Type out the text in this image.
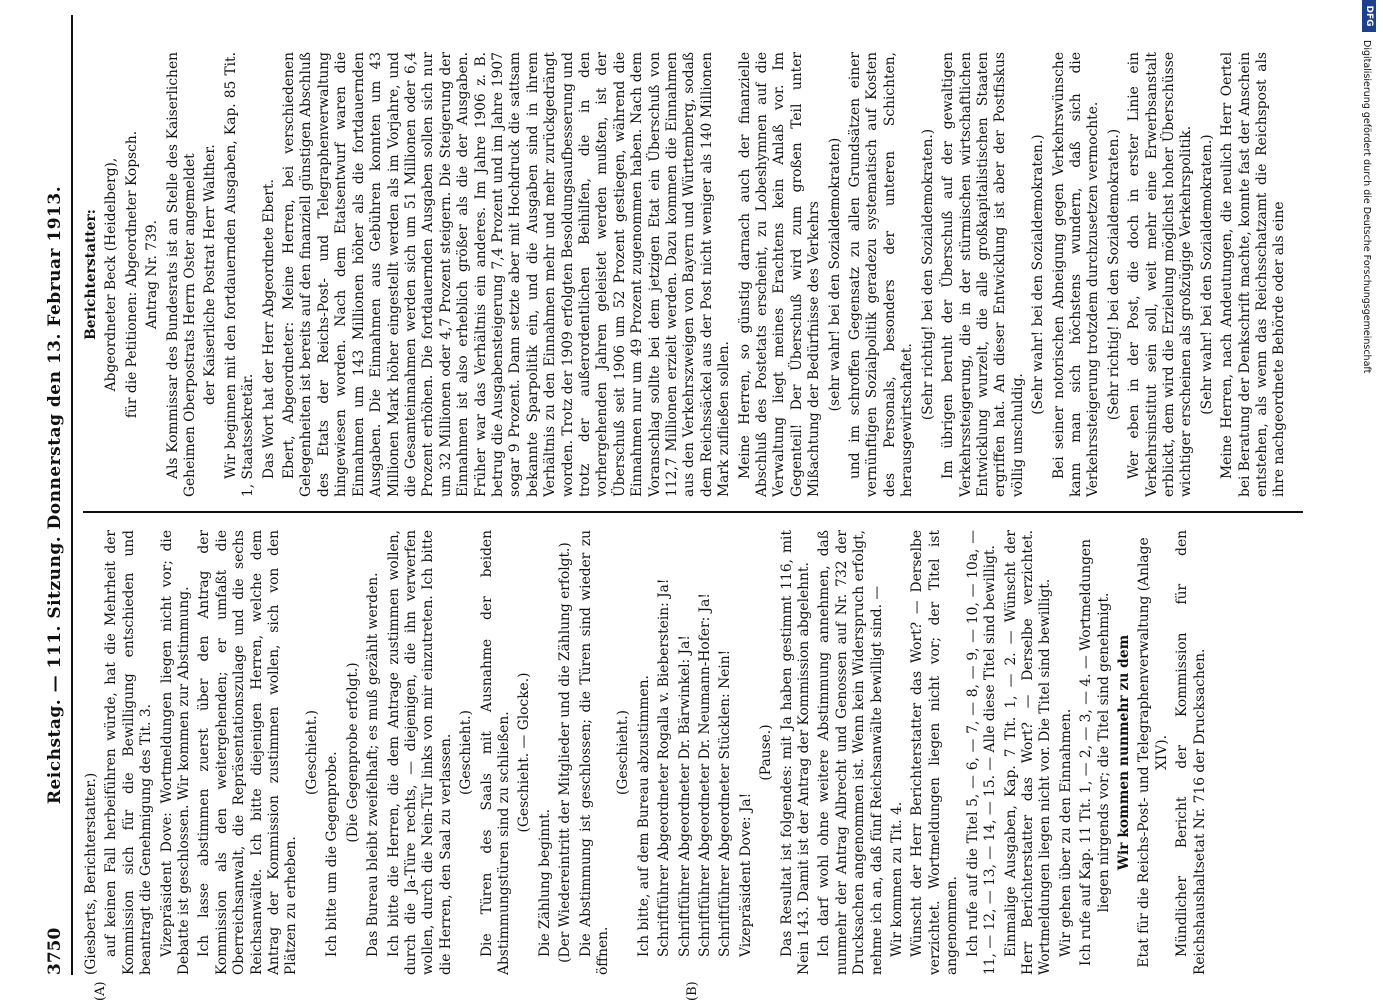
3750
Reichstag. — 111. Sitzung. Donnerstag den 13. Februar 1913.
(A)	(B)

(Giesberts, Berichterstatter.) auf keinen Fall herbeiführen würde, hat die Mehrheit der Kommission sich für die Bewilligung entschieden und beantragt die Genehmigung des Tit. 3. Vizepräsident Dove: Wortmeldungen liegen nicht vor; die Debatte ist geschlossen. Wir kommen zur Abstimmung. Ich lasse abstimmen zuerst über den Antrag der Kommission als den weitergehenden; er umfaßt die Oberreichsanwalt, die Repräsentationszulage und die sechs Reichsanwälte. Ich bitte diejenigen Herren, welche dem Antrag der Kommission zustimmen wollen, sich von den Plätzen zu erheben.

(Geschieht.) Ich bitte um die Gegenprobe. (Die Gegenprobe erfolgt.) Das Bureau bleibt zweifelhaft; es muß gezählt werden. Ich bitte die Herren, die dem Antrage zustimmen wollen, durch die Ja-Türe rechts, — diejenigen, die ihn verwerfen wollen, durch die Nein-Tür links von mir einzutreten. Ich bitte die Herren, den Saal zu verlassen. (Geschieht.) Die Türen des Saals mit Ausnahme der beiden Abstimmungstüren sind zu schließen. (Geschieht. — Glocke.)

Die Zählung beginnt. (Der Wiedereintritt der Mitglieder und die Zählung erfolgt.) Die Abstimmung ist geschlossen; die Türen sind wieder zu öffnen.

(Geschieht.) Ich bitte, auf dem Bureau abzustimmen. Schriftführer Abgeordneter Rogalla v. Bieberstein: Ja! Schriftführer Abgeordneter Dr. Bärwinkel: Ja! Schriftführer Abgeordneter Dr. Neumann-Hofer: Ja! Schriftführer Abgeordneter Stücklen: Nein! Vizepräsident Dove: Ja!

(Pause.) Das Resultat ist folgendes: mit Ja haben gestimmt 116, mit Nein 143. Damit ist der Antrag der Kommission abgelehnt. Ich darf wohl ohne weitere Abstimmung annehmen, daß nunmehr der Antrag Albrecht und Genossen auf Nr. 732 der Drucksachen angenommen ist. Wenn kein Widerspruch erfolgt, nehme ich an, daß fünf Reichsanwälte bewilligt sind. — Wir kommen zu Tit. 4. Wünscht der Herr Berichterstatter das Wort? — Derselbe verzichtet. Wortmeldungen liegen nicht vor; der Titel ist angenommen. Ich rufe auf die Titel 5, — 6, — 7, — 8, — 9, — 10, — 10a, — 11, — 12, — 13, — 14, — 15. — Alle diese Titel sind bewilligt. Einmalige Ausgaben, Kap. 7 Tit. 1, — 2. — Wünscht der Herr Berichterstatter das Wort? — Derselbe verzichtet. Wortmeldungen liegen nicht vor. Die Titel sind bewilligt. Wir gehen über zu den Einnahmen. Ich rufe auf Kap. 11 Tit. 1, — 2, — 3, — 4. — Wortmeldungen liegen nirgends vor; die Titel sind genehmigt. Wir kommen nunmehr zu dem Etat für die Reichs-Post- und Telegraphenverwaltung (Anlage XIV). Mündlicher Bericht der Kommission für den Reichshaushaltsetat Nr. 716 der Drucksachen.

Berichterstatter: Abgeordneter Beck (Heidelberg), für die Petitionen: Abgeordneter Kopsch. Antrag Nr. 739. Als Kommissar des Bundesrats ist an Stelle des Kaiserlichen Geheimen Oberpostrats Herrn Oster angemeldet der Kaiserliche Postrat Herr Walther. Wir beginnen mit den fortdauernden Ausgaben, Kap. 85 Tit. 1, Staatssekretär. Das Wort hat der Herr Abgeordnete Ebert. Ebert, Abgeordneter: Meine Herren, bei verschiedenen Gelegenheiten ist bereits auf den finanziell günstigen Abschluß des Etats der Reichs-Post- und Telegraphenverwaltung hingewiesen worden. Nach dem Etatsentwurf waren die Einnahmen um 143 Millionen höher als die fortdauernden Ausgaben. Die Einnahmen aus Gebühren konnten um 43 Millionen Mark höher eingestellt werden als im Vorjahre, und die Gesamteinnahmen werden sich um 51 Millionen oder 6,4 Prozent erhöhen. Die fortdauernden Ausgaben sollen sich nur um 32 Millionen oder 4,7 Prozent steigern. Die Steigerung der Einnahmen ist also erheblich größer als die der Ausgaben. Früher war das Verhältnis ein anderes. Im Jahre 1906 z. B. betrug die Ausgabensteigerung 7,4 Prozent und im Jahre 1907 sogar 9 Prozent. Dann setzte aber mit Hochdruck die sattsam bekannte Sparpolitik ein, und die Ausgaben sind in ihrem Verhältnis zu den Einnahmen mehr und mehr zurückgedrängt worden. Trotz der 1909 erfolgten Besoldungsaufbesserung und trotz der außerordentlichen Beihilfen, die in den vorhergehenden Jahren geleistet werden mußten, ist der Überschuß seit 1906 um 52 Prozent gestiegen, während die Einnahmen nur um 49 Prozent zugenommen haben. Nach dem Voranschlag sollte bei dem jetzigen Etat ein Überschuß von 112,7 Millionen erzielt werden. Dazu kommen die Einnahmen aus den Verkehrszweigen von Bayern und Württemberg, sodaß dem Reichssäckel aus der Post nicht weniger als 140 Millionen Mark zufließen sollen. Meine Herren, so günstig darnach auch der finanzielle Abschluß des Postetats erscheint, zu Lobeshymnen auf die Verwaltung liegt meines Erachtens kein Anlaß vor. Im Gegenteil! Der Überschuß wird zum großen Teil unter Mißachtung der Bedürfnisse des Verkehrs (sehr wahr! bei den Sozialdemokraten) und im schroffen Gegensatz zu allen Grundsätzen einer vernünftigen Sozialpolitik geradezu systematisch auf Kosten des Personals, besonders der unteren Schichten, herausgewirtschaftet. (Sehr richtig! bei den Sozialdemokraten.) Im übrigen beruht der Überschuß auf der gewaltigen Verkehrssteigerung, die in der stürmischen wirtschaftlichen Entwicklung wurzelt, die alle großkapitalistischen Staaten ergriffen hat. An dieser Entwicklung ist aber der Postfiskus völlig unschuldig.

(Sehr wahr! bei den Sozialdemokraten.) Bei seiner notorischen Abneigung gegen Verkehrswünsche kann man sich höchstens wundern, daß sich die Verkehrssteigerung trotzdem durchzusetzen vermochte. (Sehr richtig! bei den Sozialdemokraten.) Wer eben in der Post, die doch in erster Linie ein Verkehrsinstitut sein soll, weit mehr eine Erwerbsanstalt erblickt, dem wird die Erzielung möglichst hoher Überschüsse wichtiger erscheinen als großzügige Verkehrspolitik. (Sehr wahr! bei den Sozialdemokraten.) Meine Herren, nach Andeutungen, die neulich Herr Oertel bei Beratung der Denkschrift machte, konnte fast der Anschein entstehen, als wenn das Reichsschatzamt die Reichspost als ihre nachgeordnete Behörde oder als eine

DFG
Digitalisierung gefördert durch die Deutsche Forschungsgemeinschaft
